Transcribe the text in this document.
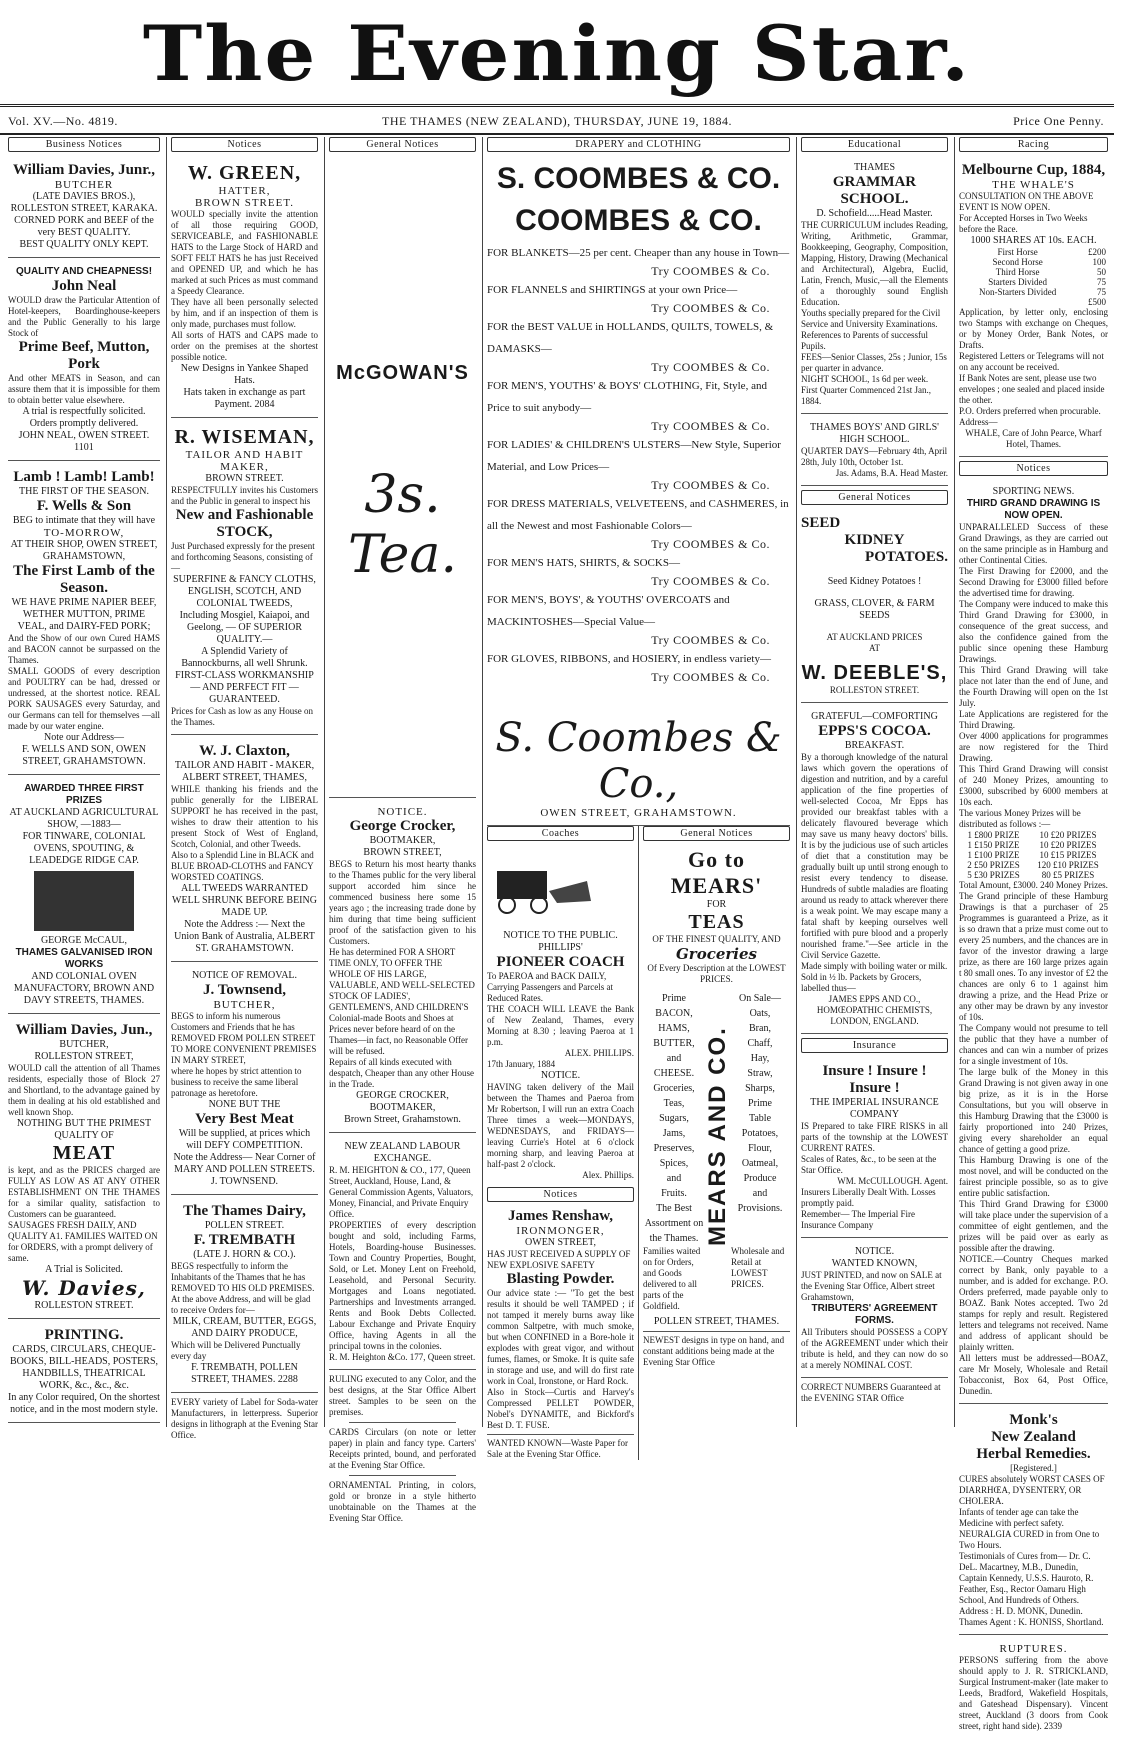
The Evening Star.
Vol. XV.—No. 4819.	THE THAMES (NEW ZEALAND), THURSDAY, JUNE 19, 1884.	Price One Penny.
Business Notices
William Davies, Junr.,
BUTCHER
(LATE DAVIES BROS.),
ROLLESTON STREET, KARAKA.
CORNED PORK and BEEF of the very BEST QUALITY.
BEST QUALITY ONLY KEPT.
QUALITY AND CHEAPNESS!
John Neal
WOULD draw the Particular Attention of Hotel-keepers, Boardinghouse-keepers and the Public Generally to his large Stock of
Prime Beef, Mutton, Pork
And other MEATS in Season, and can assure them that it is impossible for them to obtain better value elsewhere.
A trial is respectfully solicited.
Orders promptly delivered.
JOHN NEAL, OWEN STREET. 1101
Lamb ! Lamb! Lamb!
THE FIRST OF THE SEASON.
F. Wells & Son
BEG to intimate that they will have
TO-MORROW,
AT THEIR SHOP, OWEN STREET, GRAHAMSTOWN,
The First Lamb of the Season.
WE HAVE PRIME NAPIER BEEF, WETHER MUTTON, PRIME VEAL, and DAIRY-FED PORK;
And the Show of our own Cured HAMS and BACON cannot be surpassed on the Thames.
SMALL GOODS of every description and POULTRY can be had, dressed or undressed, at the shortest notice. REAL PORK SAUSAGES every Saturday, and our Germans can tell for themselves —all made by our water engine.
Note our Address—
F. WELLS AND SON, OWEN STREET, GRAHAMSTOWN.
AWARDED THREE FIRST PRIZES
AT AUCKLAND AGRICULTURAL SHOW, —1883—
FOR TINWARE, COLONIAL OVENS, SPOUTING, & LEADEDGE RIDGE CAP.
GEORGE McCAUL,
THAMES GALVANISED IRON WORKS
AND COLONIAL OVEN MANUFACTORY, BROWN AND DAVY STREETS, THAMES.
William Davies, Jun.,
BUTCHER,
ROLLESTON STREET,
WOULD call the attention of all Thames residents, especially those of Block 27 and Shortland, to the advantage gained by them in dealing at his old established and well known Shop.
NOTHING BUT THE PRIMEST QUALITY OF
MEAT
is kept, and as the PRICES charged are FULLY AS LOW AS AT ANY OTHER ESTABLISHMENT ON THE THAMES for a similar quality, satisfaction to Customers can be guaranteed.
SAUSAGES FRESH DAILY, AND QUALITY A1. FAMILIES WAITED ON for ORDERS, with a prompt delivery of same.
A Trial is Solicited.
W. Davies,
ROLLESTON STREET.
PRINTING.
CARDS, CIRCULARS, CHEQUE-BOOKS, BILL-HEADS, POSTERS, HANDBILLS, THEATRICAL WORK, &c., &c., &c.
In any Color required, On the shortest notice, and in the most modern style.
Notices
W. GREEN,
HATTER,
BROWN STREET.
WOULD specially invite the attention of all those requiring GOOD, SERVICEABLE, and FASHIONABLE HATS to the Large Stock of HARD and SOFT FELT HATS he has just Received and OPENED UP, and which he has marked at such Prices as must command a Speedy Clearance.
They have all been personally selected by him, and if an inspection of them is only made, purchases must follow.
All sorts of HATS and CAPS made to order on the premises at the shortest possible notice.
New Designs in Yankee Shaped Hats.
Hats taken in exchange as part Payment. 2084
R. WISEMAN,
TAILOR AND HABIT MAKER,
BROWN STREET.
RESPECTFULLY invites his Customers and the Public in general to inspect his
New and Fashionable STOCK,
Just Purchased expressly for the present and forthcoming Seasons, consisting of—
SUPERFINE & FANCY CLOTHS, ENGLISH, SCOTCH, AND COLONIAL TWEEDS,
Including Mosgiel, Kaiapoi, and Geelong, — OF SUPERIOR QUALITY.—
A Splendid Variety of Bannockburns, all well Shrunk.
FIRST-CLASS WORKMANSHIP — AND PERFECT FIT — GUARANTEED.
Prices for Cash as low as any House on the Thames.
W. J. Claxton,
TAILOR AND HABIT - MAKER,
ALBERT STREET, THAMES,
WHILE thanking his friends and the public generally for the LIBERAL SUPPORT he has received in the past, wishes to draw their attention to his present Stock of West of England, Scotch, Colonial, and other Tweeds.
Also to a Splendid Line in BLACK and BLUE BROAD-CLOTHS and FANCY WORSTED COATINGS.
ALL TWEEDS WARRANTED WELL SHRUNK BEFORE BEING MADE UP.
Note the Address :— Next the Union Bank of Australia, ALBERT ST. GRAHAMSTOWN.
NOTICE OF REMOVAL.
J. Townsend,
BUTCHER,
BEGS to inform his numerous Customers and Friends that he has REMOVED FROM POLLEN STREET TO MORE CONVENIENT PREMISES IN MARY STREET,
where he hopes by strict attention to business to receive the same liberal patronage as heretofore.
NONE BUT THE
Very Best Meat
Will be supplied, at prices which will DEFY COMPETITION.
Note the Address— Near Corner of MARY AND POLLEN STREETS.
J. TOWNSEND.
The Thames Dairy,
POLLEN STREET.
F. TREMBATH
(LATE J. HORN & CO.).
BEGS respectfully to inform the Inhabitants of the Thames that he has REMOVED TO HIS OLD PREMISES. At the above Address, and will be glad to receive Orders for—
MILK, CREAM, BUTTER, EGGS, AND DAIRY PRODUCE,
Which will be Delivered Punctually every day
F. TREMBATH, POLLEN STREET, THAMES. 2288
EVERY variety of Label for Soda-water Manufacturers, in letterpress. Superior designs in lithograph at the Evening Star Office.
General Notices
McGOWAN'S
3s. Tea.
NOTICE.
George Crocker,
BOOTMAKER,
BROWN STREET,
BEGS to Return his most hearty thanks to the Thames public for the very liberal support accorded him since he commenced business here some 15 years ago ; the increasing trade done by him during that time being sufficient proof of the satisfaction given to his Customers.
He has determined FOR A SHORT TIME ONLY, TO OFFER THE WHOLE OF HIS LARGE, VALUABLE, AND WELL-SELECTED STOCK OF LADIES', GENTLEMEN'S, AND CHILDREN'S
Colonial-made Boots and Shoes at Prices never before heard of on the Thames—in fact, no Reasonable Offer will be refused.
Repairs of all kinds executed with despatch, Cheaper than any other House in the Trade.
GEORGE CROCKER, BOOTMAKER,
Brown Street, Grahamstown.
NEW ZEALAND LABOUR EXCHANGE.
R. M. HEIGHTON & CO., 177, Queen Street, Auckland, House, Land, & General Commission Agents, Valuators, Money, Financial, and Private Enquiry Office.
PROPERTIES of every description bought and sold, including Farms, Hotels, Boarding-house Businesses. Town and Country Properties, Bought, Sold, or Let. Money Lent on Freehold, Leasehold, and Personal Security. Mortgages and Loans negotiated. Partnerships and Investments arranged. Rents and Book Debts Collected. Labour Exchange and Private Enquiry Office, having Agents in all the principal towns in the colonies.
R. M. Heighton &Co. 177, Queen street.
RULING executed to any Color, and the best designs, at the Star Office Albert street. Samples to be seen on the premises.
CARDS Circulars (on note or letter paper) in plain and fancy type. Carters' Receipts printed, bound, and perforated at the Evening Star Office.
ORNAMENTAL Printing, in colors, gold or bronze in a style hitherto unobtainable on the Thames at the Evening Star Office.
DRAPERY and CLOTHING
S. COOMBES & CO.
COOMBES & CO.
FOR BLANKETS—25 per cent. Cheaper than any house in Town—
Try COOMBES & Co.
FOR FLANNELS and SHIRTINGS at your own Price—
Try COOMBES & Co.
FOR the BEST VALUE in HOLLANDS, QUILTS, TOWELS, & DAMASKS—
Try COOMBES & Co.
FOR MEN'S, YOUTHS' & BOYS' CLOTHING, Fit, Style, and Price to suit anybody—
Try COOMBES & Co.
FOR LADIES' & CHILDREN'S ULSTERS—New Style, Superior Material, and Low Prices—
Try COOMBES & Co.
FOR DRESS MATERIALS, VELVETEENS, and CASHMERES, in all the Newest and most Fashionable Colors—
Try COOMBES & Co.
FOR MEN'S HATS, SHIRTS, & SOCKS—
Try COOMBES & Co.
FOR MEN'S, BOYS', & YOUTHS' OVERCOATS and MACKINTOSHES—Special Value—
Try COOMBES & Co.
FOR GLOVES, RIBBONS, and HOSIERY, in endless variety—
Try COOMBES & Co.
S. Coombes & Co.,
OWEN STREET, GRAHAMSTOWN.
Coaches
NOTICE TO THE PUBLIC.
PHILLIPS'
PIONEER COACH
To PAEROA and BACK DAILY, Carrying Passengers and Parcels at Reduced Rates.
THE COACH WILL LEAVE the Bank of New Zealand, Thames, every Morning at 8.30 ; leaving Paeroa at 1 p.m.
ALEX. PHILLIPS.
17th January, 1884
NOTICE.
HAVING taken delivery of the Mail between the Thames and Paeroa from Mr Robertson, I will run an extra Coach Three times a week—MONDAYS, WEDNESDAYS, and FRIDAYS—leaving Currie's Hotel at 6 o'clock morning sharp, and leaving Paeroa at half-past 2 o'clock.
Alex. Phillips.
Notices
James Renshaw,
IRONMONGER,
OWEN STREET,
HAS JUST RECEIVED A SUPPLY OF NEW EXPLOSIVE SAFETY
Blasting Powder.
Our advice state :— "To get the best results it should be well TAMPED ; if not tamped it merely burns away like common Saltpetre, with much smoke, but when CONFINED in a Bore-hole it explodes with great vigor, and without fumes, flames, or Smoke. It is quite safe in storage and use, and will do first rate work in Coal, Ironstone, or Hard Rock.
Also in Stock—Curtis and Harvey's Compressed PELLET POWDER, Nobel's DYNAMITE, and Bickford's Best D. T. FUSE.
WANTED KNOWN—Waste Paper for Sale at the Evening Star Office.
General Notices
Go to MEARS'
FOR
TEAS
OF THE FINEST QUALITY, AND
Groceries
Of Every Description at the LOWEST PRICES.
Prime
BACON,
HAMS,
BUTTER,
and
CHEESE.
Groceries,
Teas,
Sugars,
Jams,
Preserves,
Spices,
and
Fruits.
The Best Assortment on the Thames. MEARS AND CO.
On Sale—
Oats,
Bran,
Chaff,
Hay,
Straw,
Sharps,
Prime
Table
Potatoes,
Flour,
Oatmeal,
Produce
and
Provisions.
Families waited on for Orders, and Goods delivered to all parts of the Goldfield.
Wholesale and Retail at LOWEST PRICES.
POLLEN STREET, THAMES.
NEWEST designs in type on hand, and constant additions being made at the Evening Star Office
Educational
THAMES
GRAMMAR SCHOOL.
D. Schofield.....Head Master.
THE CURRICULUM includes Reading, Writing, Arithmetic, Grammar, Bookkeeping, Geography, Composition, Mapping, History, Drawing (Mechanical and Architectural), Algebra, Euclid, Latin, French, Music,—all the Elements of a thoroughly sound English Education.
Youths specially prepared for the Civil Service and University Examinations.
References to Parents of successful Pupils.
FEES—Senior Classes, 25s ; Junior, 15s per quarter in advance.
NIGHT SCHOOL, 1s 6d per week.
First Quarter Commenced 21st Jan., 1884.
THAMES BOYS' AND GIRLS' HIGH SCHOOL.
QUARTER DAYS—February 4th, April 28th, July 10th, October 1st.
Jas. Adams, B.A. Head Master.
General Notices
SEED
KIDNEY
POTATOES.
Seed Kidney Potatoes !
GRASS, CLOVER, & FARM SEEDS
AT AUCKLAND PRICES
AT
W. DEEBLE'S,
ROLLESTON STREET.
GRATEFUL—COMFORTING
EPPS'S COCOA.
BREAKFAST.
By a thorough knowledge of the natural laws which govern the operations of digestion and nutrition, and by a careful application of the fine properties of well-selected Cocoa, Mr Epps has provided our breakfast tables with a delicately flavoured beverage which may save us many heavy doctors' bills. It is by the judicious use of such articles of diet that a constitution may be gradually built up until strong enough to resist every tendency to disease. Hundreds of subtle maladies are floating around us ready to attack wherever there is a weak point. We may escape many a fatal shaft by keeping ourselves well fortified with pure blood and a properly nourished frame."—See article in the Civil Service Gazette.
Made simply with boiling water or milk. Sold in ½ lb. Packets by Grocers, labelled thus—
JAMES EPPS AND CO., HOMŒOPATHIC CHEMISTS, LONDON, ENGLAND.
Insurance
Insure ! Insure ! Insure !
THE IMPERIAL INSURANCE COMPANY
IS Prepared to take FIRE RISKS in all parts of the township at the LOWEST CURRENT RATES.
Scales of Rates, &c., to be seen at the Star Office.
WM. McCULLOUGH. Agent.
Insurers Liberally Dealt With. Losses promptly paid.
Remember— The Imperial Fire Insurance Company
NOTICE.
WANTED KNOWN,
JUST PRINTED, and now on SALE at the Evening Star Office, Albert street Grahamstown,
TRIBUTERS' AGREEMENT FORMS.
All Tributers should POSSESS a COPY of the AGREEMENT under which their tribute is held, and they can now do so at a merely NOMINAL COST.
CORRECT NUMBERS Guaranteed at the EVENING STAR Office
Racing
Melbourne Cup, 1884,
THE WHALE'S
CONSULTATION ON THE ABOVE EVENT IS NOW OPEN.
For Accepted Horses in Two Weeks before the Race.
1000 SHARES AT 10s. EACH.
First Horse	£200
Second Horse	100
Third Horse	50
Starters Divided	75
Non-Starters Divided	75
	£500
Application, by letter only, enclosing two Stamps with exchange on Cheques, or by Money Order, Bank Notes, or Drafts.
Registered Letters or Telegrams will not on any account be received.
If Bank Notes are sent, please use two envelopes ; one sealed and placed inside the other.
P.O. Orders preferred when procurable.
Address—
WHALE, Care of John Pearce, Wharf Hotel, Thames.
Notices
SPORTING NEWS.
THIRD GRAND DRAWING IS NOW OPEN.
UNPARALLELED Success of these Grand Drawings, as they are carried out on the same principle as in Hamburg and other Continental Cities.
The First Drawing for £2000, and the Second Drawing for £3000 filled before the advertised time for drawing.
The Company were induced to make this Third Grand Drawing for £3000, in consequence of the great success, and also the confidence gained from the public since opening these Hamburg Drawings.
This Third Grand Drawing will take place not later than the end of June, and the Fourth Drawing will open on the 1st July.
Late Applications are registered for the Third Drawing.
Over 4000 applications for programmes are now registered for the Third Drawing.
This Third Grand Drawing will consist of 240 Money Prizes, amounting to £3000, subscribed by 6000 members at 10s each.
The various Money Prizes will be distributed as follows :—
1 £800 PRIZE	10 £20 PRIZES
1 £150 PRIZE	10 £20 PRIZES
1 £100 PRIZE	10 £15 PRIZES
2 £50 PRIZES	120 £10 PRIZES
5 £30 PRIZES	80 £5 PRIZES
Total Amount, £3000. 240 Money Prizes.
The Grand principle of these Hamburg Drawings is that a purchaser of 25 Programmes is guaranteed a Prize, as it is so drawn that a prize must come out to every 25 numbers, and the chances are in favor of the investor drawing a large prize, as there are 160 large prizes again t 80 small ones. To any investor of £2 the chances are only 6 to 1 against him drawing a prize, and the Head Prize or any other may be drawn by any investor of 10s.
The Company would not presume to tell the public that they have a number of chances and can win a number of prizes for a single investment of 10s.
The large bulk of the Money in this Grand Drawing is not given away in one big prize, as it is in the Horse Consultations, but you will observe in this Hamburg Drawing that the £3000 is fairly proportioned into 240 Prizes, giving every shareholder an equal chance of getting a good prize.
This Hamburg Drawing is one of the most novel, and will be conducted on the fairest principle possible, so as to give entire public satisfaction.
This Third Grand Drawing for £3000 will take place under the supervision of a committee of eight gentlemen, and the prizes will be paid over as early as possible after the drawing.
NOTICE.—Country Cheques marked correct by Bank, only payable to a number, and is added for exchange. P.O. Orders preferred, made payable only to BOAZ. Bank Notes accepted. Two 2d stamps for reply and result. Registered letters and telegrams not received. Name and address of applicant should be plainly written.
All letters must be addressed—BOAZ, care Mr Mosely, Wholesale and Retail Tobacconist, Box 64, Post Office, Dunedin.
Monk's
New Zealand
Herbal Remedies.
[Registered.]
CURES absolutely WORST CASES OF DIARRHŒA, DYSENTERY, OR CHOLERA.
Infants of tender age can take the Medicine with perfect safety.
NEURALGIA CURED in from One to Two Hours.
Testimonials of Cures from— Dr. C. DeL. Macartney, M.B., Dunedin, Captain Kennedy, U.S.S. Hauroto, R. Feather, Esq., Rector Oamaru High School, And Hundreds of Others.
Address : H. D. MONK, Dunedin.
Thames Agent : K. HONISS, Shortland.
RUPTURES.
PERSONS suffering from the above should apply to J. R. STRICKLAND, Surgical Instrument-maker (late maker to Leeds, Bradford, Wakefield Hospitals, and Gateshead Dispensary). Vincent street, Auckland (3 doors from Cook street, right hand side). 2339
